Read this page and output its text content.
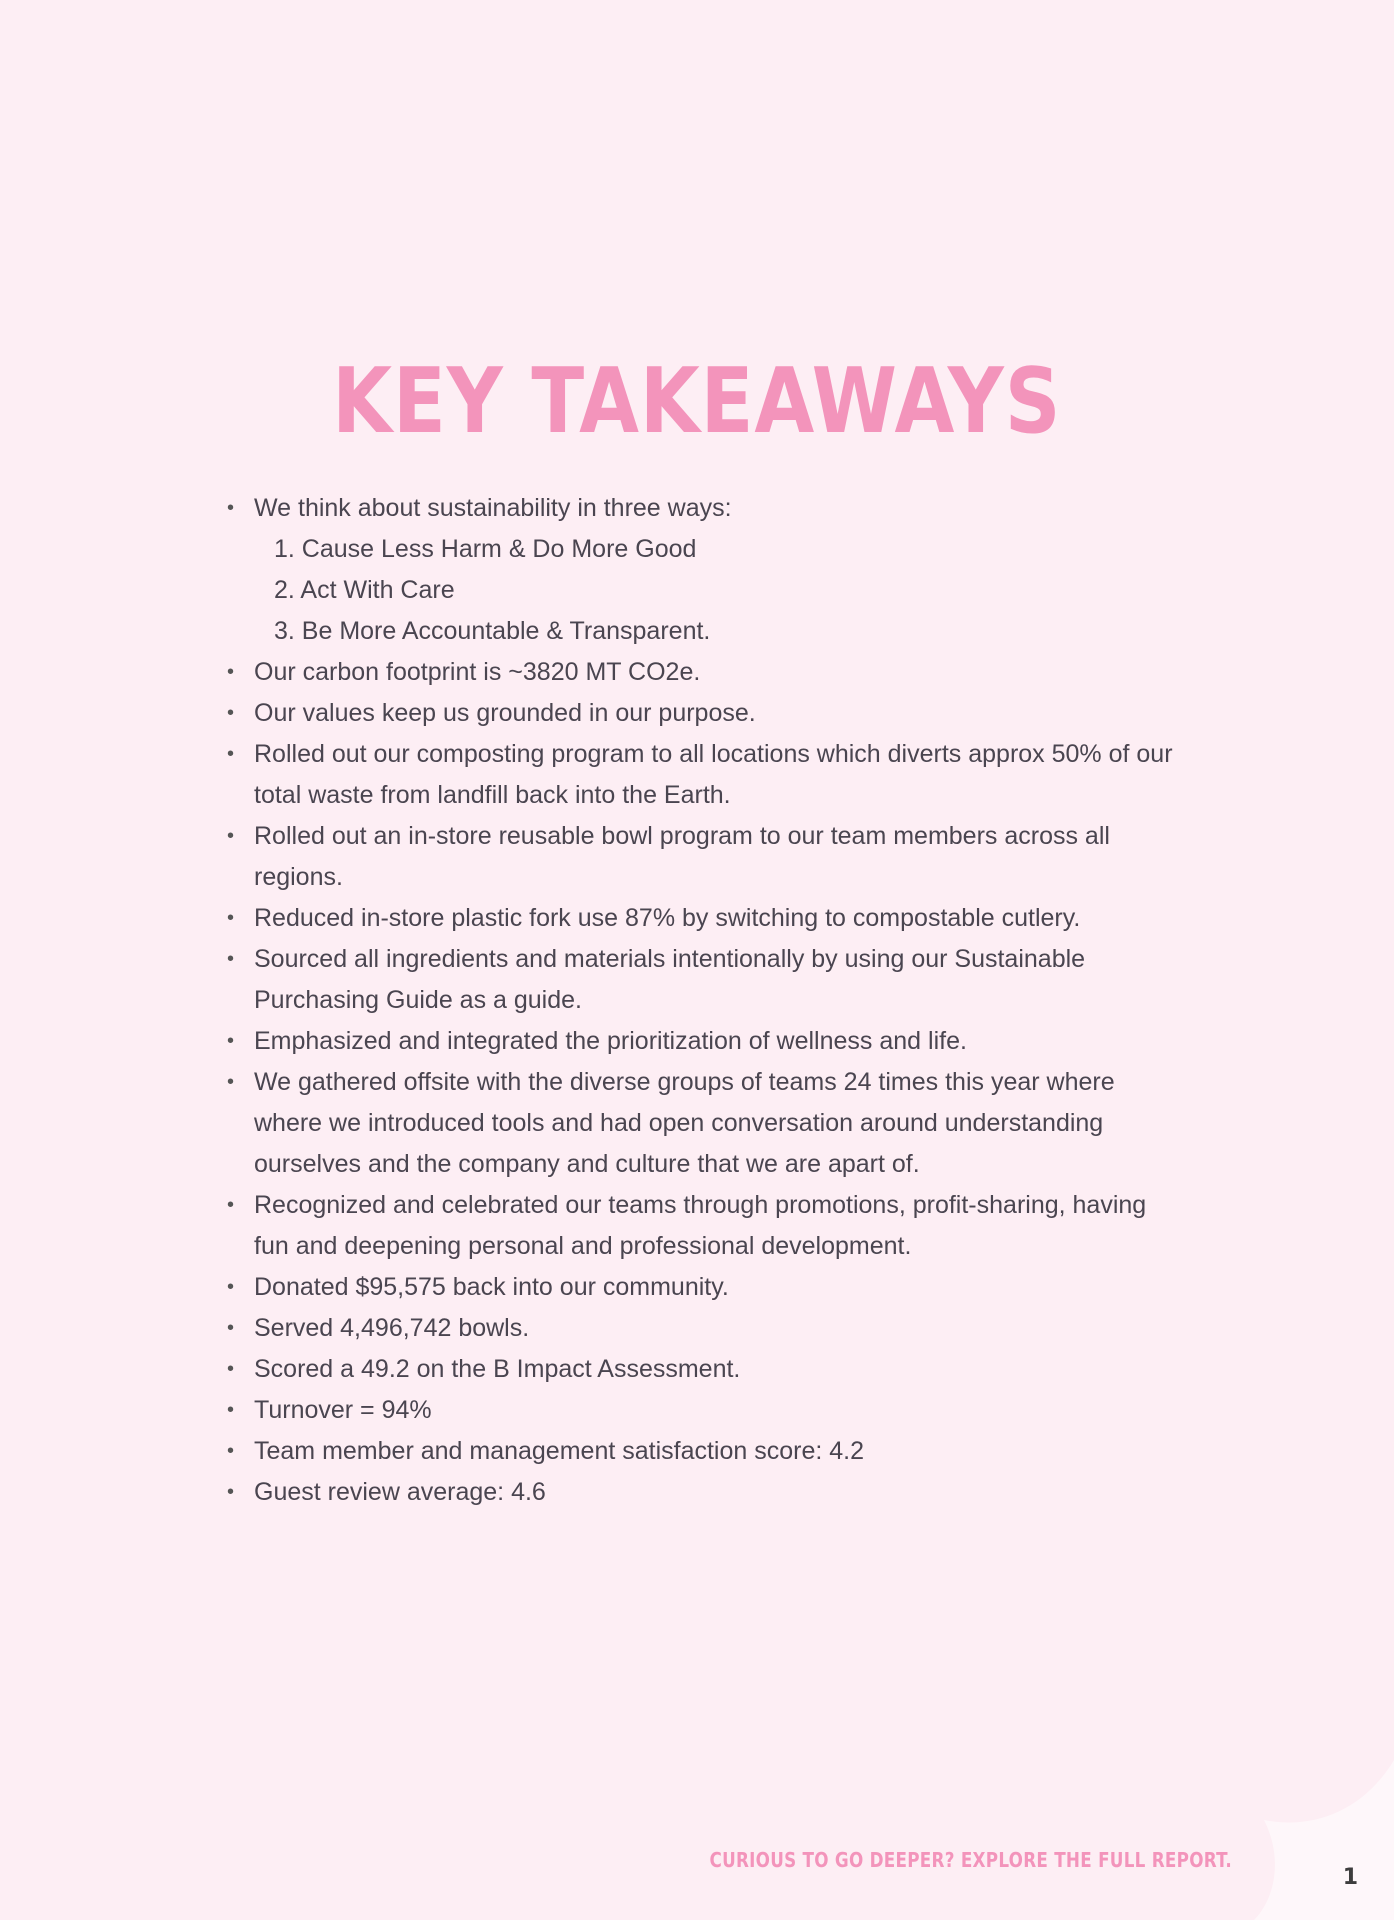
KEY TAKEAWAYS
• We think about sustainability in three ways:
1. Cause Less Harm & Do More Good
2. Act With Care
3. Be More Accountable & Transparent.
• Our carbon footprint is ~3820 MT CO2e.
• Our values keep us grounded in our purpose.
• Rolled out our composting program to all locations which diverts approx 50% of our total waste from landfill back into the Earth.
• Rolled out an in-store reusable bowl program to our team members across all regions.
• Reduced in-store plastic fork use 87% by switching to compostable cutlery.
• Sourced all ingredients and materials intentionally by using our Sustainable Purchasing Guide as a guide.
• Emphasized and integrated the prioritization of wellness and life.
• We gathered offsite with the diverse groups of teams 24 times this year where where we introduced tools and had open conversation around understanding ourselves and the company and culture that we are apart of.
• Recognized and celebrated our teams through promotions, profit-sharing, having fun and deepening personal and professional development.
• Donated $95,575 back into our community.
• Served 4,496,742 bowls.
• Scored a 49.2 on the B Impact Assessment.
• Turnover = 94%
• Team member and management satisfaction score: 4.2
• Guest review average: 4.6
CURIOUS TO GO DEEPER? EXPLORE THE FULL REPORT.
1
